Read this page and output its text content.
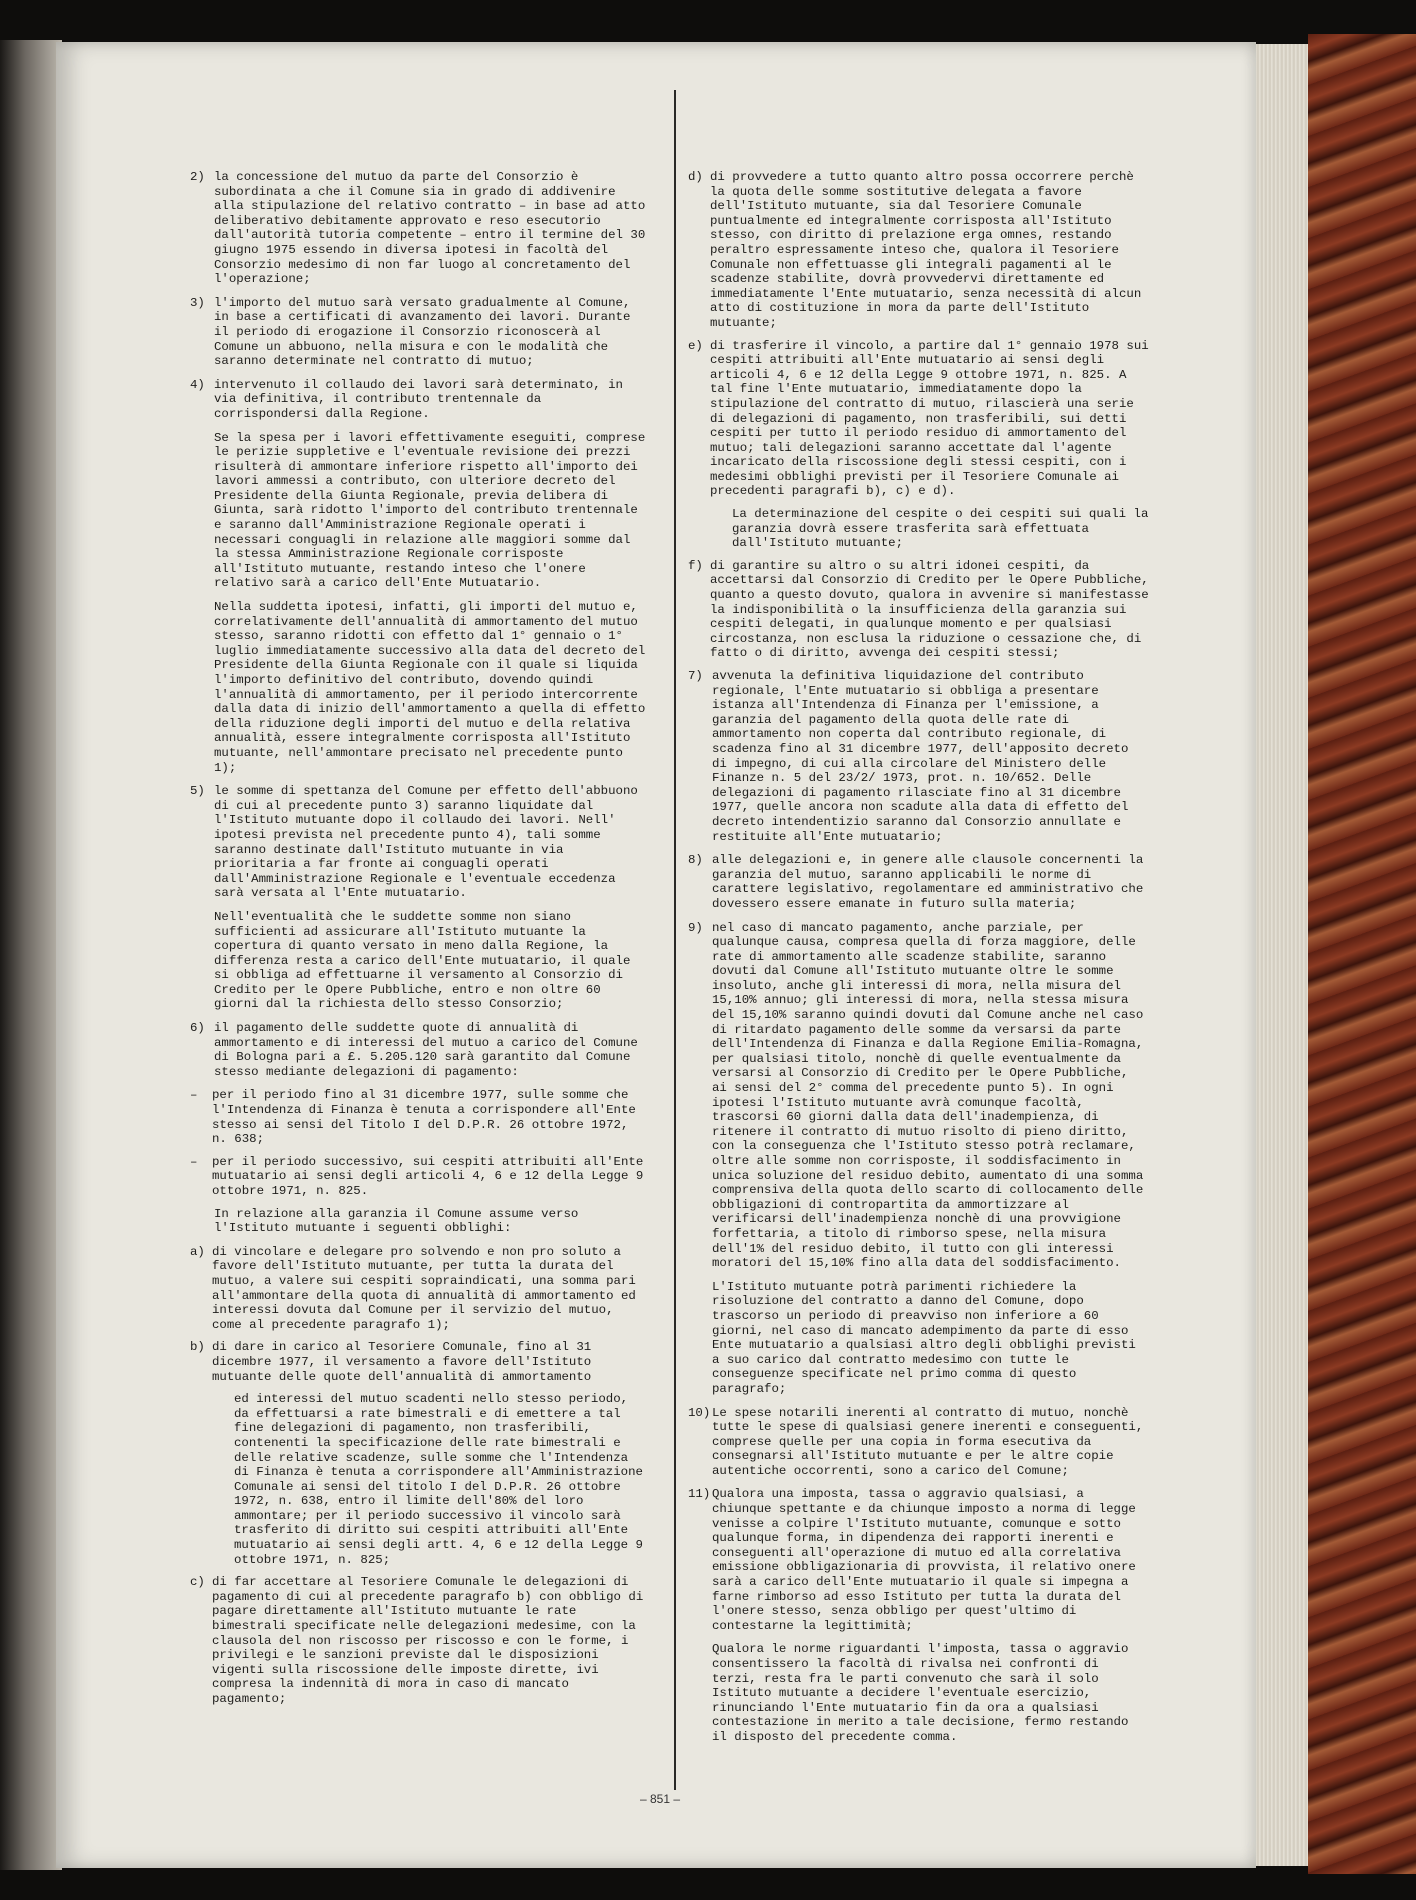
2) la concessione del mutuo da parte del Consorzio è subordinata a che il Comune sia in grado di addivenire alla stipulazione del relativo contratto – in base ad atto deliberativo debitamente approvato e reso esecutorio dall'autorità tutoria competente – entro il termine del 30 giugno 1975 essendo in diversa ipotesi in facoltà del Consorzio medesimo di non far luogo al concretamento del l'operazione;
3) l'importo del mutuo sarà versato gradualmente al Comune, in base a certificati di avanzamento dei lavori. Durante il periodo di erogazione il Consorzio riconoscerà al Comune un abbuono, nella misura e con le modalità che saranno determinate nel contratto di mutuo;
4) intervenuto il collaudo dei lavori sarà determinato, in via definitiva, il contributo trentennale da corrispondersi dalla Regione.
Se la spesa per i lavori effettivamente eseguiti, comprese le perizie suppletive e l'eventuale revisione dei prezzi risulterà di ammontare inferiore rispetto all'importo dei lavori ammessi a contributo, con ulteriore decreto del Presidente della Giunta Regionale, previa delibera di Giunta, sarà ridotto l'importo del contributo trentennale e saranno dall'Amministrazione Regionale operati i necessari conguagli in relazione alle maggiori somme dal la stessa Amministrazione Regionale corrisposte all'Istituto mutuante, restando inteso che l'onere relativo sarà a carico dell'Ente Mutuatario.
Nella suddetta ipotesi, infatti, gli importi del mutuo e, correlativamente dell'annualità di ammortamento del mutuo stesso, saranno ridotti con effetto dal 1° gennaio o 1° luglio immediatamente successivo alla data del decreto del Presidente della Giunta Regionale con il quale si liquida l'importo definitivo del contributo, dovendo quindi l'annualità di ammortamento, per il periodo intercorrente dalla data di inizio dell'ammortamento a quella di effetto della riduzione degli importi del mutuo e della relativa annualità, essere integralmente corrisposta all'Istituto mutuante, nell'ammontare precisato nel precedente punto 1);
5) le somme di spettanza del Comune per effetto dell'abbuono di cui al precedente punto 3) saranno liquidate dal l'Istituto mutuante dopo il collaudo dei lavori. Nell' ipotesi prevista nel precedente punto 4), tali somme saranno destinate dall'Istituto mutuante in via prioritaria a far fronte ai conguagli operati dall'Amministrazione Regionale e l'eventuale eccedenza sarà versata al l'Ente mutuatario.
Nell'eventualità che le suddette somme non siano sufficienti ad assicurare all'Istituto mutuante la copertura di quanto versato in meno dalla Regione, la differenza resta a carico dell'Ente mutuatario, il quale si obbliga ad effettuarne il versamento al Consorzio di Credito per le Opere Pubbliche, entro e non oltre 60 giorni dal la richiesta dello stesso Consorzio;
6) il pagamento delle suddette quote di annualità di ammortamento e di interessi del mutuo a carico del Comune di Bologna pari a £. 5.205.120 sarà garantito dal Comune stesso mediante delegazioni di pagamento:
– per il periodo fino al 31 dicembre 1977, sulle somme che l'Intendenza di Finanza è tenuta a corrispondere all'Ente stesso ai sensi del Titolo I del D.P.R. 26 ottobre 1972, n. 638;
– per il periodo successivo, sui cespiti attribuiti all'Ente mutuatario ai sensi degli articoli 4, 6 e 12 della Legge 9 ottobre 1971, n. 825.
In relazione alla garanzia il Comune assume verso l'Istituto mutuante i seguenti obblighi:
a) di vincolare e delegare pro solvendo e non pro soluto a favore dell'Istituto mutuante, per tutta la durata del mutuo, a valere sui cespiti sopraindicati, una somma pari all'ammontare della quota di annualità di ammortamento ed interessi dovuta dal Comune per il servizio del mutuo, come al precedente paragrafo 1);
b) di dare in carico al Tesoriere Comunale, fino al 31 dicembre 1977, il versamento a favore dell'Istituto mutuante delle quote dell'annualità di ammortamento
ed interessi del mutuo scadenti nello stesso periodo, da effettuarsi a rate bimestrali e di emettere a tal fine delegazioni di pagamento, non trasferibili, contenenti la specificazione delle rate bimestrali e delle relative scadenze, sulle somme che l'Intendenza di Finanza è tenuta a corrispondere all'Amministrazione Comunale ai sensi del titolo I del D.P.R. 26 ottobre 1972, n. 638, entro il limite dell'80% del loro ammontare; per il periodo successivo il vincolo sarà trasferito di diritto sui cespiti attribuiti all'Ente mutuatario ai sensi degli artt. 4, 6 e 12 della Legge 9 ottobre 1971, n. 825;
c) di far accettare al Tesoriere Comunale le delegazioni di pagamento di cui al precedente paragrafo b) con obbligo di pagare direttamente all'Istituto mutuante le rate bimestrali specificate nelle delegazioni medesime, con la clausola del non riscosso per riscosso e con le forme, i privilegi e le sanzioni previste dal le disposizioni vigenti sulla riscossione delle imposte dirette, ivi compresa la indennità di mora in caso di mancato pagamento;
d) di provvedere a tutto quanto altro possa occorrere perchè la quota delle somme sostitutive delegata a favore dell'Istituto mutuante, sia dal Tesoriere Comunale puntualmente ed integralmente corrisposta all'Istituto stesso, con diritto di prelazione erga omnes, restando peraltro espressamente inteso che, qualora il Tesoriere Comunale non effettuasse gli integrali pagamenti al le scadenze stabilite, dovrà provvedervi direttamente ed immediatamente l'Ente mutuatario, senza necessità di alcun atto di costituzione in mora da parte dell'Istituto mutuante;
e) di trasferire il vincolo, a partire dal 1° gennaio 1978 sui cespiti attribuiti all'Ente mutuatario ai sensi degli articoli 4, 6 e 12 della Legge 9 ottobre 1971, n. 825. A tal fine l'Ente mutuatario, immediatamente dopo la stipulazione del contratto di mutuo, rilascierà una serie di delegazioni di pagamento, non trasferibili, sui detti cespiti per tutto il periodo residuo di ammortamento del mutuo; tali delegazioni saranno accettate dal l'agente incaricato della riscossione degli stessi cespiti, con i medesimi obblighi previsti per il Tesoriere Comunale ai precedenti paragrafi b), c) e d).
La determinazione del cespite o dei cespiti sui quali la garanzia dovrà essere trasferita sarà effettuata dall'Istituto mutuante;
f) di garantire su altro o su altri idonei cespiti, da accettarsi dal Consorzio di Credito per le Opere Pubbliche, quanto a questo dovuto, qualora in avvenire si manifestasse la indisponibilità o la insufficienza della garanzia sui cespiti delegati, in qualunque momento e per qualsiasi circostanza, non esclusa la riduzione o cessazione che, di fatto o di diritto, avvenga dei cespiti stessi;
7) avvenuta la definitiva liquidazione del contributo regionale, l'Ente mutuatario si obbliga a presentare istanza all'Intendenza di Finanza per l'emissione, a garanzia del pagamento della quota delle rate di ammortamento non coperta dal contributo regionale, di scadenza fino al 31 dicembre 1977, dell'apposito decreto di impegno, di cui alla circolare del Ministero delle Finanze n. 5 del 23/2/ 1973, prot. n. 10/652. Delle delegazioni di pagamento rilasciate fino al 31 dicembre 1977, quelle ancora non scadute alla data di effetto del decreto intendentizio saranno dal Consorzio annullate e restituite all'Ente mutuatario;
8) alle delegazioni e, in genere alle clausole concernenti la garanzia del mutuo, saranno applicabili le norme di carattere legislativo, regolamentare ed amministrativo che dovessero essere emanate in futuro sulla materia;
9) nel caso di mancato pagamento, anche parziale, per qualunque causa, compresa quella di forza maggiore, delle rate di ammortamento alle scadenze stabilite, saranno dovuti dal Comune all'Istituto mutuante oltre le somme insoluto, anche gli interessi di mora, nella misura del 15,10% annuo; gli interessi di mora, nella stessa misura del 15,10% saranno quindi dovuti dal Comune anche nel caso di ritardato pagamento delle somme da versarsi da parte dell'Intendenza di Finanza e dalla Regione Emilia-Romagna, per qualsiasi titolo, nonchè di quelle eventualmente da versarsi al Consorzio di Credito per le Opere Pubbliche, ai sensi del 2° comma del precedente punto 5). In ogni ipotesi l'Istituto mutuante avrà comunque facoltà, trascorsi 60 giorni dalla data dell'inadempienza, di ritenere il contratto di mutuo risolto di pieno diritto, con la conseguenza che l'Istituto stesso potrà reclamare, oltre alle somme non corrisposte, il soddisfacimento in unica soluzione del residuo debito, aumentato di una somma comprensiva della quota dello scarto di collocamento delle obbligazioni di contropartita da ammortizzare al verificarsi dell'inadempienza nonchè di una provvigione forfettaria, a titolo di rimborso spese, nella misura dell'1% del residuo debito, il tutto con gli interessi moratori del 15,10% fino alla data del soddisfacimento.
L'Istituto mutuante potrà parimenti richiedere la risoluzione del contratto a danno del Comune, dopo trascorso un periodo di preavviso non inferiore a 60 giorni, nel caso di mancato adempimento da parte di esso Ente mutuatario a qualsiasi altro degli obblighi previsti a suo carico dal contratto medesimo con tutte le conseguenze specificate nel primo comma di questo paragrafo;
10) Le spese notarili inerenti al contratto di mutuo, nonchè tutte le spese di qualsiasi genere inerenti e conseguenti, comprese quelle per una copia in forma esecutiva da consegnarsi all'Istituto mutuante e per le altre copie autentiche occorrenti, sono a carico del Comune;
11) Qualora una imposta, tassa o aggravio qualsiasi, a chiunque spettante e da chiunque imposto a norma di legge venisse a colpire l'Istituto mutuante, comunque e sotto qualunque forma, in dipendenza dei rapporti inerenti e conseguenti all'operazione di mutuo ed alla correlativa emissione obbligazionaria di provvista, il relativo onere sarà a carico dell'Ente mutuatario il quale si impegna a farne rimborso ad esso Istituto per tutta la durata del l'onere stesso, senza obbligo per quest'ultimo di contestarne la legittimità;
Qualora le norme riguardanti l'imposta, tassa o aggravio consentissero la facoltà di rivalsa nei confronti di terzi, resta fra le parti convenuto che sarà il solo Istituto mutuante a decidere l'eventuale esercizio, rinunciando l'Ente mutuatario fin da ora a qualsiasi contestazione in merito a tale decisione, fermo restando il disposto del precedente comma.
– 851 –
